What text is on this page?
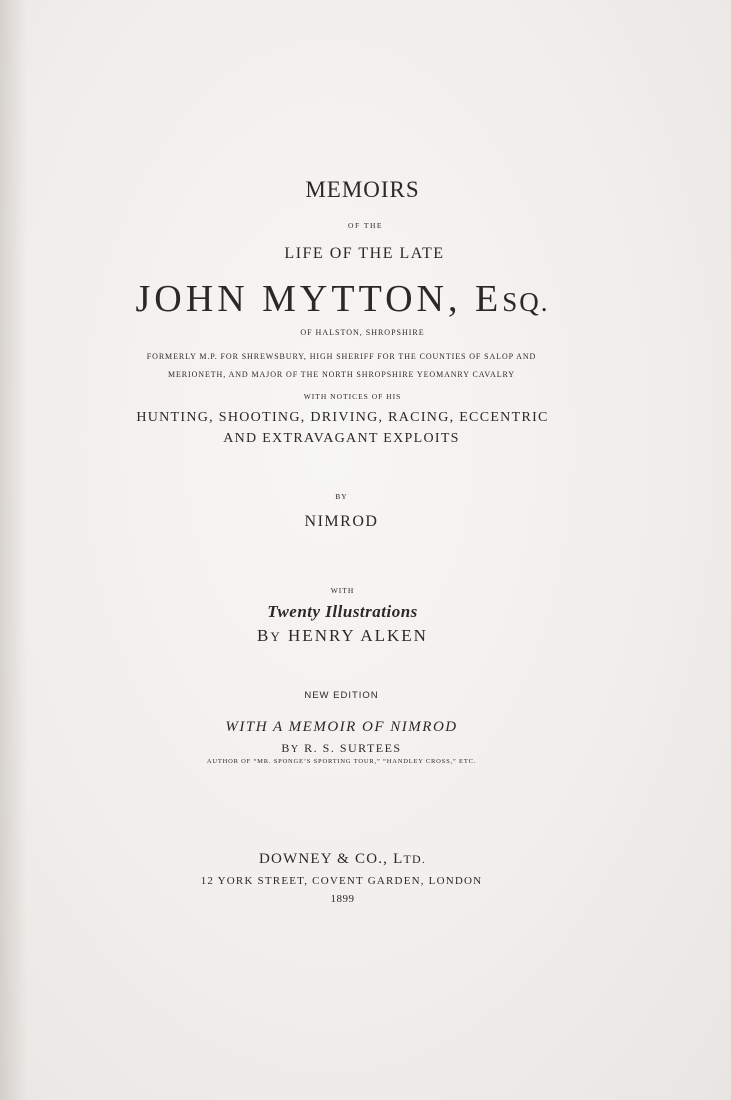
MEMOIRS
OF THE
LIFE OF THE LATE
JOHN MYTTON, ESQ.
OF HALSTON, SHROPSHIRE
FORMERLY M.P. FOR SHREWSBURY, HIGH SHERIFF FOR THE COUNTIES OF SALOP AND
MERIONETH, AND MAJOR OF THE NORTH SHROPSHIRE YEOMANRY CAVALRY
WITH NOTICES OF HIS
HUNTING, SHOOTING, DRIVING, RACING, ECCENTRIC
AND EXTRAVAGANT EXPLOITS
BY
NIMROD
WITH
Twenty Illustrations
BY HENRY ALKEN
NEW EDITION
WITH A MEMOIR OF NIMROD
BY R. S. SURTEES
AUTHOR OF “MR. SPONGE’S SPORTING TOUR,” “HANDLEY CROSS,” ETC.
DOWNEY & CO., LTD.
12 YORK STREET, COVENT GARDEN, LONDON
1899
